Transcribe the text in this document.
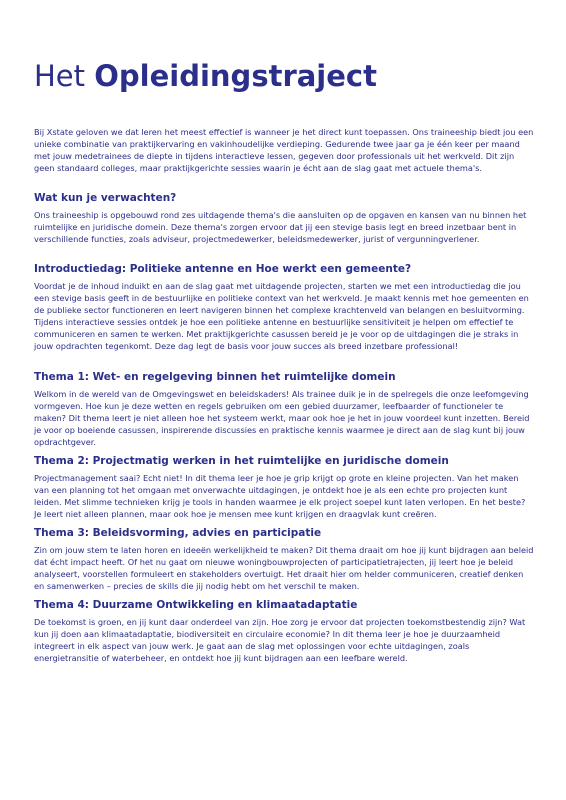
Het Opleidingstraject

Bij Xstate geloven we dat leren het meest effectief is wanneer je het direct kunt toepassen. Ons traineeship biedt jou een unieke combinatie van praktijkervaring en vakinhoudelijke verdieping. Gedurende twee jaar ga je één keer per maand met jouw medetrainees de diepte in tijdens interactieve lessen, gegeven door professionals uit het werkveld. Dit zijn geen standaard colleges, maar praktijkgerichte sessies waarin je écht aan de slag gaat met actuele thema's.

Wat kun je verwachten?

Ons traineeship is opgebouwd rond zes uitdagende thema's die aansluiten op de opgaven en kansen van nu binnen het ruimtelijke en juridische domein. Deze thema's zorgen ervoor dat jij een stevige basis legt en breed inzetbaar bent in verschillende functies, zoals adviseur, projectmedewerker, beleidsmedewerker, jurist of vergunningverlener.

Introductiedag: Politieke antenne en Hoe werkt een gemeente?

Voordat je de inhoud induikt en aan de slag gaat met uitdagende projecten, starten we met een introductiedag die jou een stevige basis geeft in de bestuurlijke en politieke context van het werkveld. Je maakt kennis met hoe gemeenten en de publieke sector functioneren en leert navigeren binnen het complexe krachtenveld van belangen en besluitvorming. Tijdens interactieve sessies ontdek je hoe een politieke antenne en bestuurlijke sensitiviteit je helpen om effectief te communiceren en samen te werken. Met praktijkgerichte casussen bereid je je voor op de uitdagingen die je straks in jouw opdrachten tegenkomt. Deze dag legt de basis voor jouw succes als breed inzetbare professional!

Thema 1: Wet- en regelgeving binnen het ruimtelijke domein

Welkom in de wereld van de Omgevingswet en beleidskaders! Als trainee duik je in de spelregels die onze leefomgeving vormgeven. Hoe kun je deze wetten en regels gebruiken om een gebied duurzamer, leefbaarder of functioneler te maken? Dit thema leert je niet alleen hoe het systeem werkt, maar ook hoe je het in jouw voordeel kunt inzetten. Bereid je voor op boeiende casussen, inspirerende discussies en praktische kennis waarmee je direct aan de slag kunt bij jouw opdrachtgever.

Thema 2: Projectmatig werken in het ruimtelijke en juridische domein

Projectmanagement saai? Echt niet! In dit thema leer je hoe je grip krijgt op grote en kleine projecten. Van het maken van een planning tot het omgaan met onverwachte uitdagingen, je ontdekt hoe je als een echte pro projecten kunt leiden. Met slimme technieken krijg je tools in handen waarmee je elk project soepel kunt laten verlopen. En het beste? Je leert niet alleen plannen, maar ook hoe je mensen mee kunt krijgen en draagvlak kunt creëren.

Thema 3: Beleidsvorming, advies en participatie

Zin om jouw stem te laten horen en ideeën werkelijkheid te maken? Dit thema draait om hoe jij kunt bijdragen aan beleid dat écht impact heeft. Of het nu gaat om nieuwe woningbouwprojecten of participatietrajecten, jij leert hoe je beleid analyseert, voorstellen formuleert en stakeholders overtuigt. Het draait hier om helder communiceren, creatief denken en samenwerken – precies de skills die jij nodig hebt om het verschil te maken.

Thema 4: Duurzame Ontwikkeling en klimaatadaptatie

De toekomst is groen, en jij kunt daar onderdeel van zijn. Hoe zorg je ervoor dat projecten toekomstbestendig zijn? Wat kun jij doen aan klimaatadaptatie, biodiversiteit en circulaire economie? In dit thema leer je hoe je duurzaamheid integreert in elk aspect van jouw werk. Je gaat aan de slag met oplossingen voor echte uitdagingen, zoals energietransitie of waterbeheer, en ontdekt hoe jij kunt bijdragen aan een leefbare wereld.
